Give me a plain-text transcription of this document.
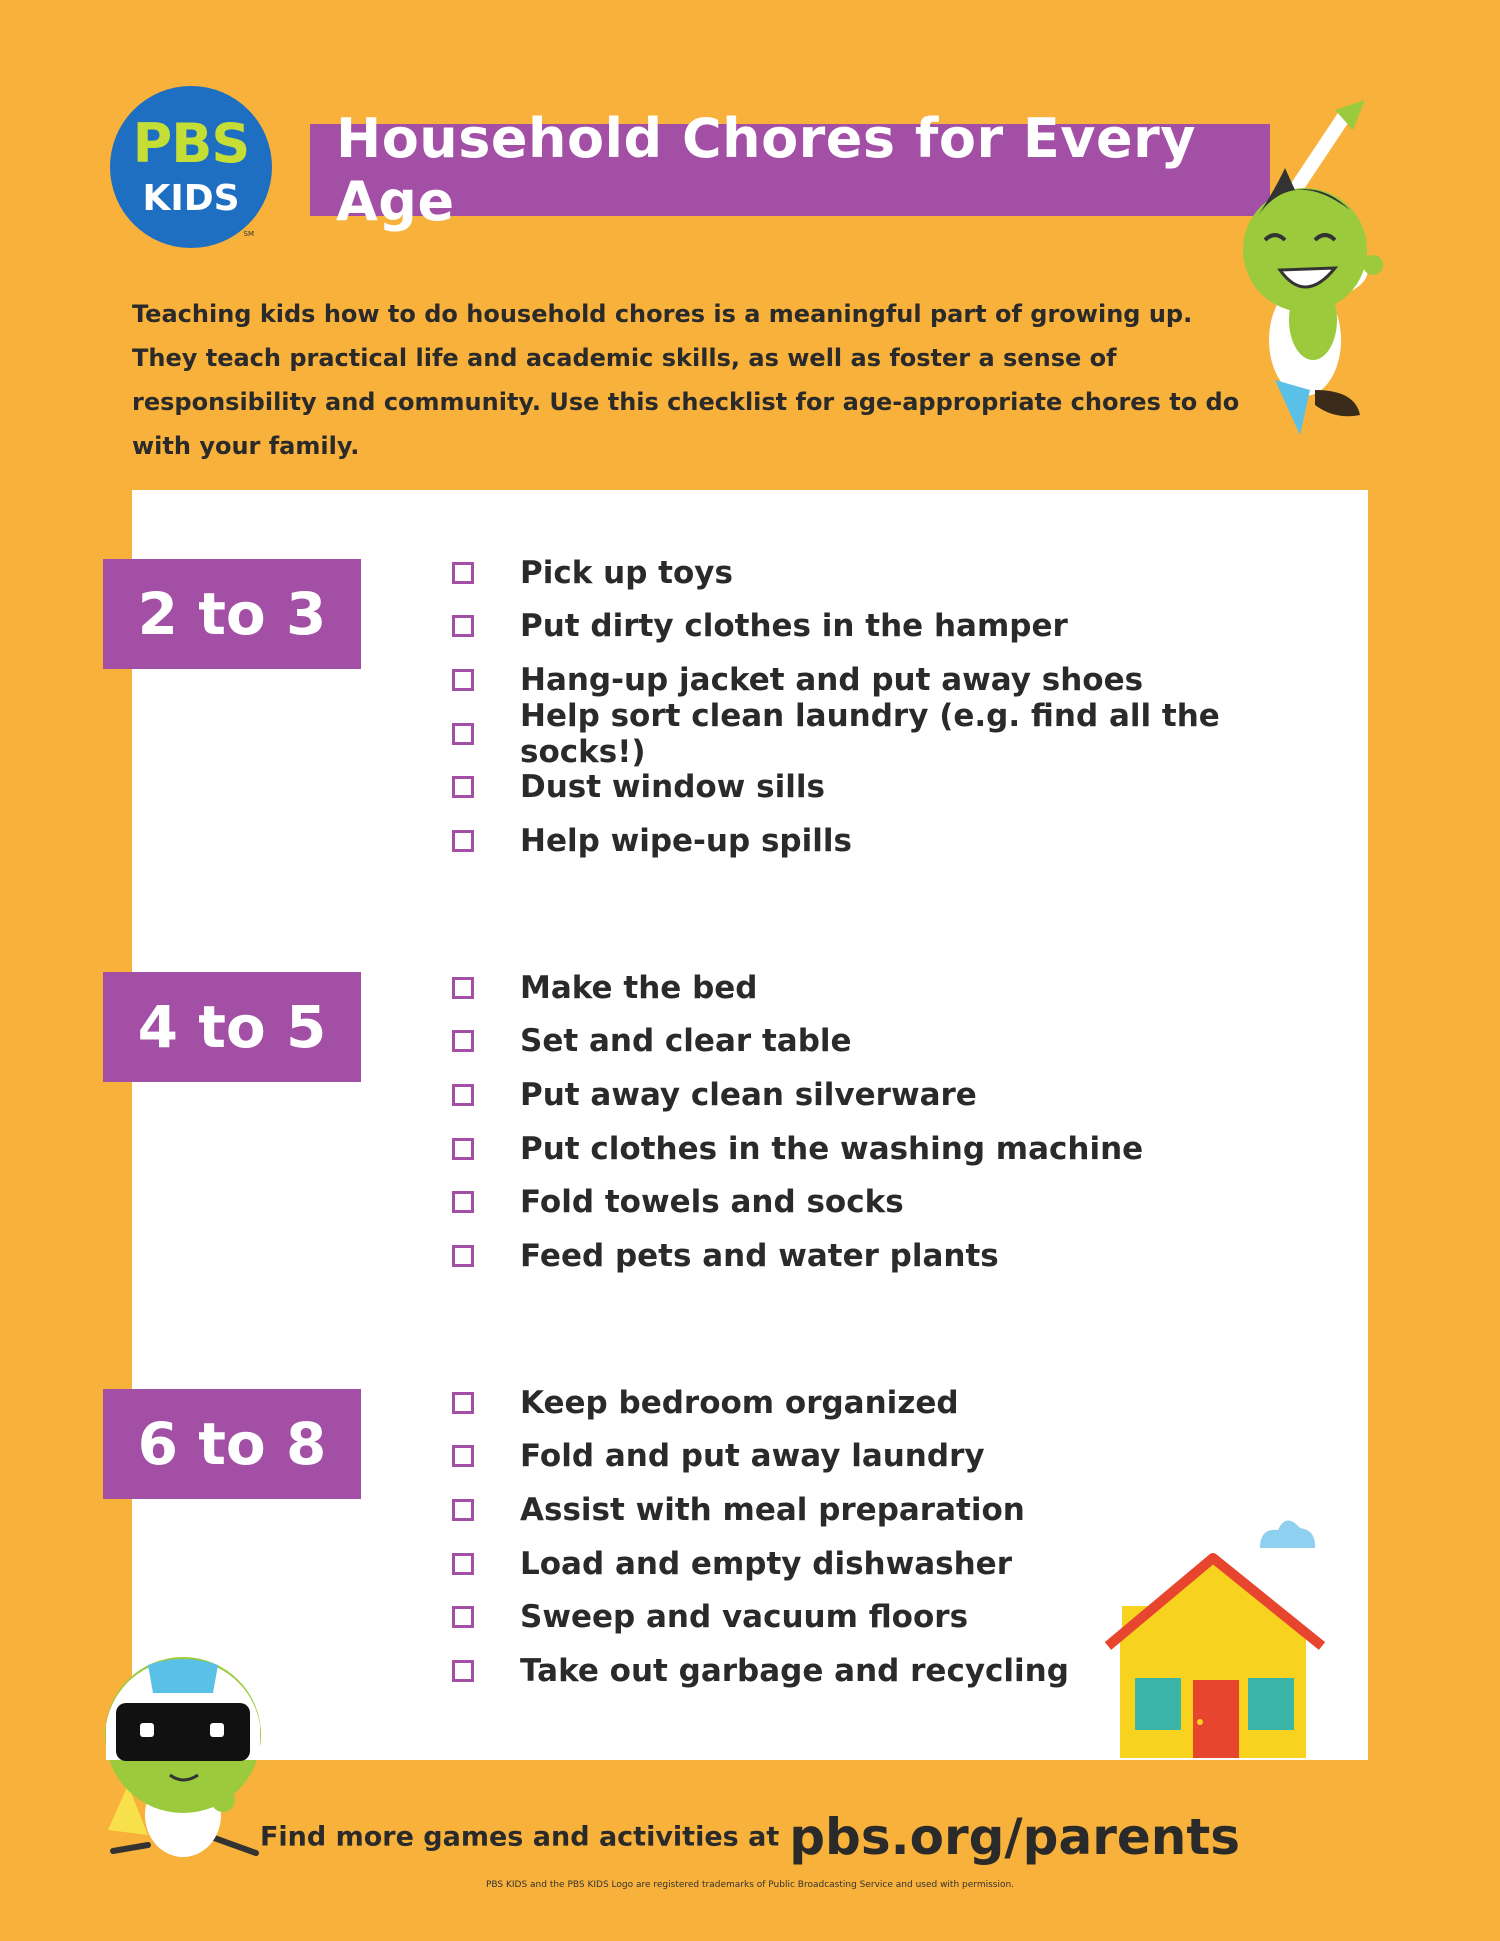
PBS
KIDS
SM
Household Chores for Every Age
Teaching kids how to do household chores is a meaningful part of growing up. They teach practical life and academic skills, as well as foster a sense of responsibility and community. Use this checklist for age-appropriate chores to do with your family.
2 to 3
Pick up toys
Put dirty clothes in the hamper
Hang-up jacket and put away shoes
Help sort clean laundry (e.g. find all the socks!)
Dust window sills
Help wipe-up spills
4 to 5
Make the bed
Set and clear table
Put away clean silverware
Put clothes in the washing machine
Fold towels and socks
Feed pets and water plants
6 to 8
Keep bedroom organized
Fold and put away laundry
Assist with meal preparation
Load and empty dishwasher
Sweep and vacuum floors
Take out garbage and recycling
Find more games and activities at pbs.org/parents
PBS KIDS and the PBS KIDS Logo are registered trademarks of Public Broadcasting Service and used with permission.
